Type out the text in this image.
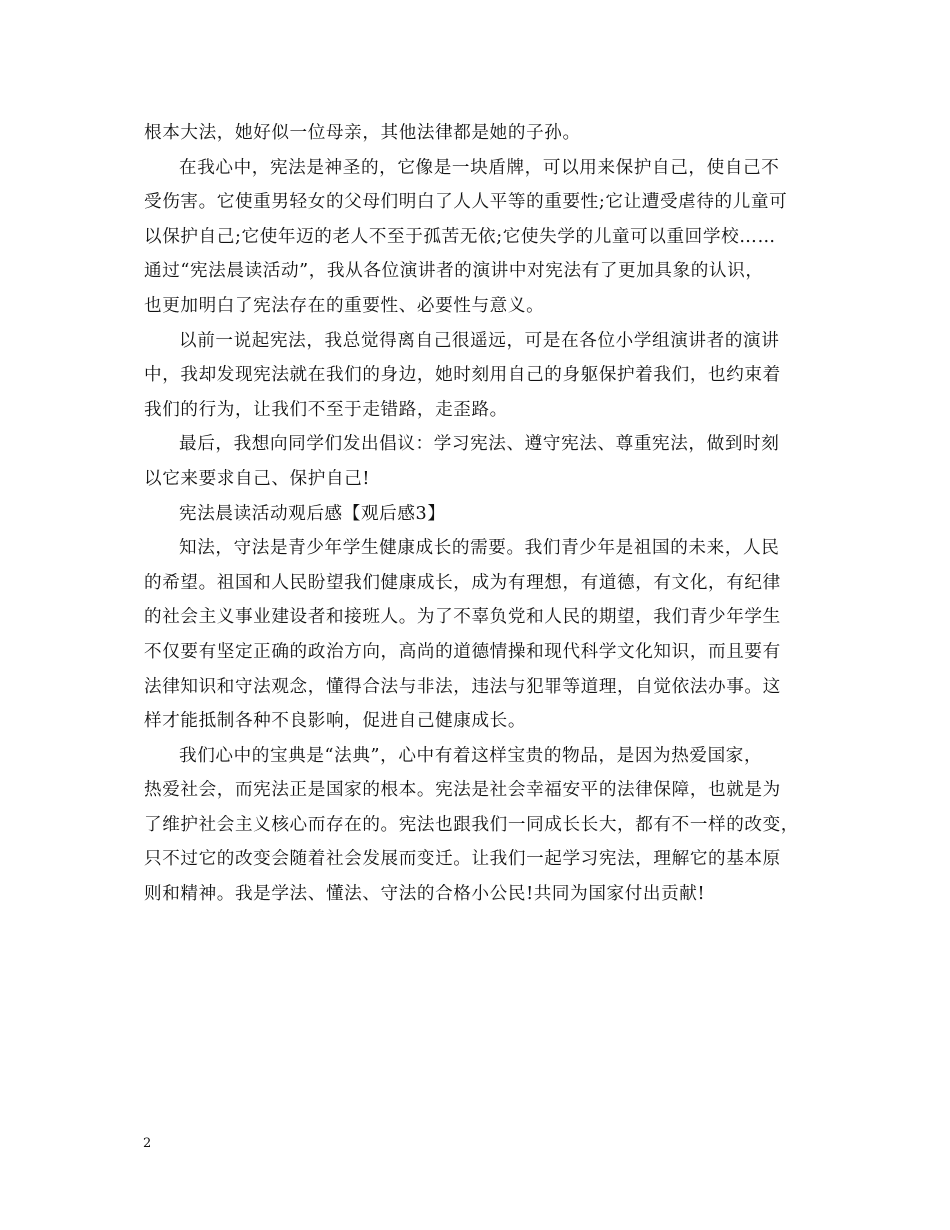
根本大法，她好似一位母亲，其他法律都是她的子孙。
在我心中，宪法是神圣的，它像是一块盾牌，可以用来保护自己，使自己不
受伤害。它使重男轻女的父母们明白了人人平等的重要性;它让遭受虐待的儿童可
以保护自己;它使年迈的老人不至于孤苦无依;它使失学的儿童可以重回学校……
通过“宪法晨读活动”，我从各位演讲者的演讲中对宪法有了更加具象的认识，
也更加明白了宪法存在的重要性、必要性与意义。
以前一说起宪法，我总觉得离自己很遥远，可是在各位小学组演讲者的演讲
中，我却发现宪法就在我们的身边，她时刻用自己的身躯保护着我们，也约束着
我们的行为，让我们不至于走错路，走歪路。
最后，我想向同学们发出倡议：学习宪法、遵守宪法、尊重宪法，做到时刻
以它来要求自己、保护自己!
宪法晨读活动观后感【观后感3】
知法，守法是青少年学生健康成长的需要。我们青少年是祖国的未来，人民
的希望。祖国和人民盼望我们健康成长，成为有理想，有道德，有文化，有纪律
的社会主义事业建设者和接班人。为了不辜负党和人民的期望，我们青少年学生
不仅要有坚定正确的政治方向，高尚的道德情操和现代科学文化知识，而且要有
法律知识和守法观念，懂得合法与非法，违法与犯罪等道理，自觉依法办事。这
样才能抵制各种不良影响，促进自己健康成长。
我们心中的宝典是“法典”，心中有着这样宝贵的物品，是因为热爱国家，
热爱社会，而宪法正是国家的根本。宪法是社会幸福安平的法律保障，也就是为
了维护社会主义核心而存在的。宪法也跟我们一同成长长大，都有不一样的改变，
只不过它的改变会随着社会发展而变迁。让我们一起学习宪法，理解它的基本原
则和精神。我是学法、懂法、守法的合格小公民!共同为国家付出贡献!
2
